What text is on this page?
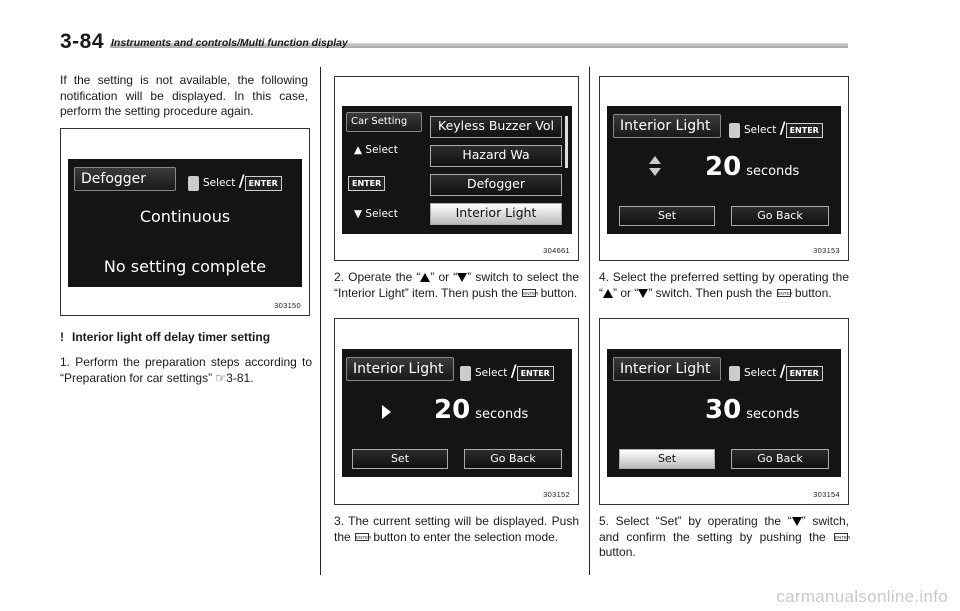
3-84 Instruments and controls/Multi function display

If the setting is not available, the following notification will be displayed. In this case, perform the setting procedure again.

Defogger	Select / ENTER
Continuous
No setting complete
303150

! Interior light off delay timer setting

1. Perform the preparation steps according to “Preparation for car settings” ☞3-81.

Car Setting
▲ Select
ENTER
▼ Select
Keyless Buzzer Vol
Hazard Wa
Defogger
Interior Light
304661

2. Operate the “ ” or “ ” switch to select the “Interior Light” item. Then push the ENTER button.

Interior Light	Select / ENTER
20 seconds
Set	Go Back
303152

3. The current setting will be displayed. Push the ENTER button to enter the selection mode.

Interior Light	Select / ENTER
20 seconds
Set	Go Back
303153

4. Select the preferred setting by operating the “ ” or “ ” switch. Then push the ENTER button.

Interior Light	Select / ENTER
30 seconds
Set	Go Back
303154

5. Select “Set” by operating the “ ” switch, and confirm the setting by pushing the ENTER button.

carmanualsonline.info
